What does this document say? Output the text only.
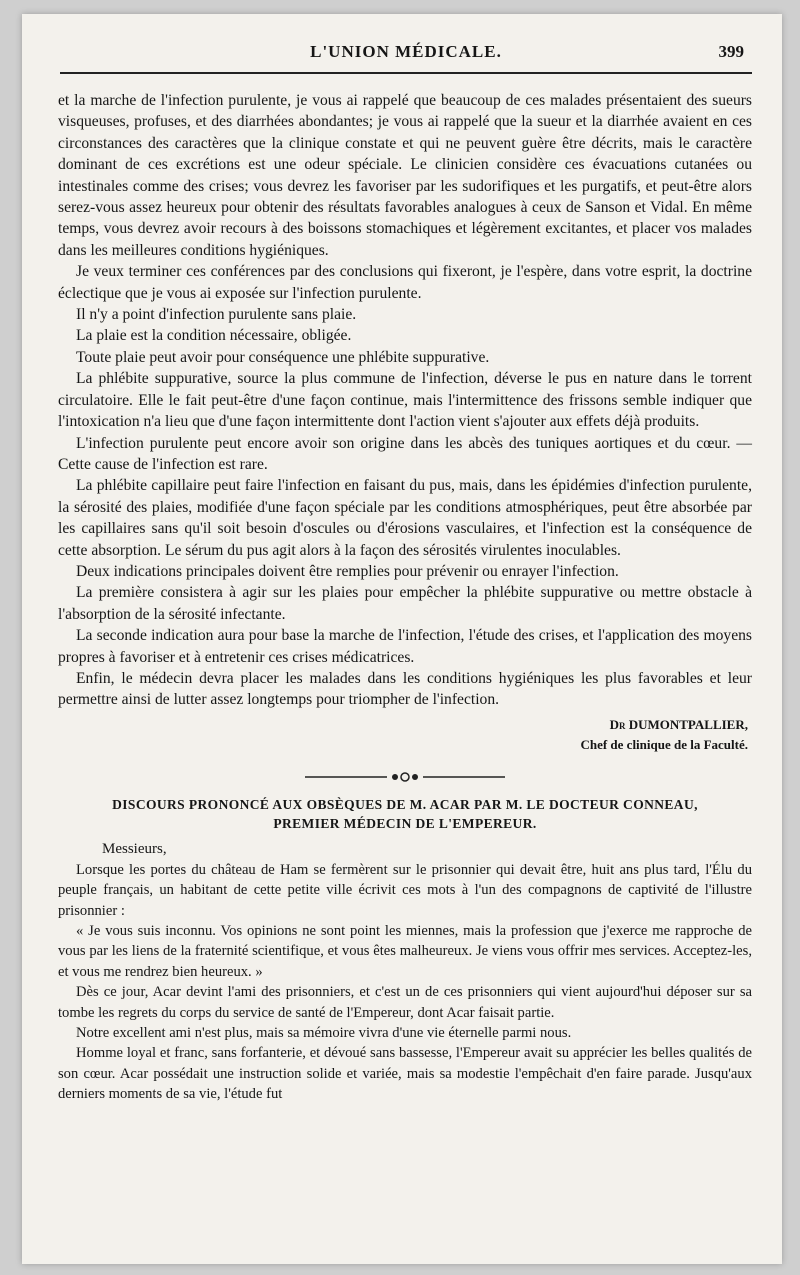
L'UNION MÉDICALE.	399

et la marche de l'infection purulente, je vous ai rappelé que beaucoup de ces malades présentaient des sueurs visqueuses, profuses, et des diarrhées abondantes; je vous ai rappelé que la sueur et la diarrhée avaient en ces circonstances des caractères que la clinique constate et qui ne peuvent guère être décrits, mais le caractère dominant de ces excrétions est une odeur spéciale. Le clinicien considère ces évacuations cutanées ou intestinales comme des crises; vous devrez les favoriser par les sudorifiques et les purgatifs, et peut-être alors serez-vous assez heureux pour obtenir des résultats favorables analogues à ceux de Sanson et Vidal. En même temps, vous devrez avoir recours à des boissons stomachiques et légèrement excitantes, et placer vos malades dans les meilleures conditions hygiéniques.

Je veux terminer ces conférences par des conclusions qui fixeront, je l'espère, dans votre esprit, la doctrine éclectique que je vous ai exposée sur l'infection purulente.

Il n'y a point d'infection purulente sans plaie.

La plaie est la condition nécessaire, obligée.

Toute plaie peut avoir pour conséquence une phlébite suppurative.

La phlébite suppurative, source la plus commune de l'infection, déverse le pus en nature dans le torrent circulatoire. Elle le fait peut-être d'une façon continue, mais l'intermittence des frissons semble indiquer que l'intoxication n'a lieu que d'une façon intermittente dont l'action vient s'ajouter aux effets déjà produits.

L'infection purulente peut encore avoir son origine dans les abcès des tuniques aortiques et du cœur. — Cette cause de l'infection est rare.

La phlébite capillaire peut faire l'infection en faisant du pus, mais, dans les épidémies d'infection purulente, la sérosité des plaies, modifiée d'une façon spéciale par les conditions atmosphériques, peut être absorbée par les capillaires sans qu'il soit besoin d'oscules ou d'érosions vasculaires, et l'infection est la conséquence de cette absorption. Le sérum du pus agit alors à la façon des sérosités virulentes inoculables.

Deux indications principales doivent être remplies pour prévenir ou enrayer l'infection.

La première consistera à agir sur les plaies pour empêcher la phlébite suppurative ou mettre obstacle à l'absorption de la sérosité infectante.

La seconde indication aura pour base la marche de l'infection, l'étude des crises, et l'application des moyens propres à favoriser et à entretenir ces crises médicatrices.

Enfin, le médecin devra placer les malades dans les conditions hygiéniques les plus favorables et leur permettre ainsi de lutter assez longtemps pour triompher de l'infection.

Dr DUMONTPALLIER,
Chef de clinique de la Faculté.
DISCOURS PRONONCÉ AUX OBSÈQUES DE M. ACAR PAR M. LE DOCTEUR CONNEAU,
PREMIER MÉDECIN DE L'EMPEREUR.
Messieurs,

Lorsque les portes du château de Ham se fermèrent sur le prisonnier qui devait être, huit ans plus tard, l'Élu du peuple français, un habitant de cette petite ville écrivit ces mots à l'un des compagnons de captivité de l'illustre prisonnier :

« Je vous suis inconnu. Vos opinions ne sont point les miennes, mais la profession que j'exerce me rapproche de vous par les liens de la fraternité scientifique, et vous êtes malheureux. Je viens vous offrir mes services. Acceptez-les, et vous me rendrez bien heureux. »

Dès ce jour, Acar devint l'ami des prisonniers, et c'est un de ces prisonniers qui vient aujourd'hui déposer sur sa tombe les regrets du corps du service de santé de l'Empereur, dont Acar faisait partie.

Notre excellent ami n'est plus, mais sa mémoire vivra d'une vie éternelle parmi nous.

Homme loyal et franc, sans forfanterie, et dévoué sans bassesse, l'Empereur avait su apprécier les belles qualités de son cœur. Acar possédait une instruction solide et variée, mais sa modestie l'empêchait d'en faire parade. Jusqu'aux derniers moments de sa vie, l'étude fut
